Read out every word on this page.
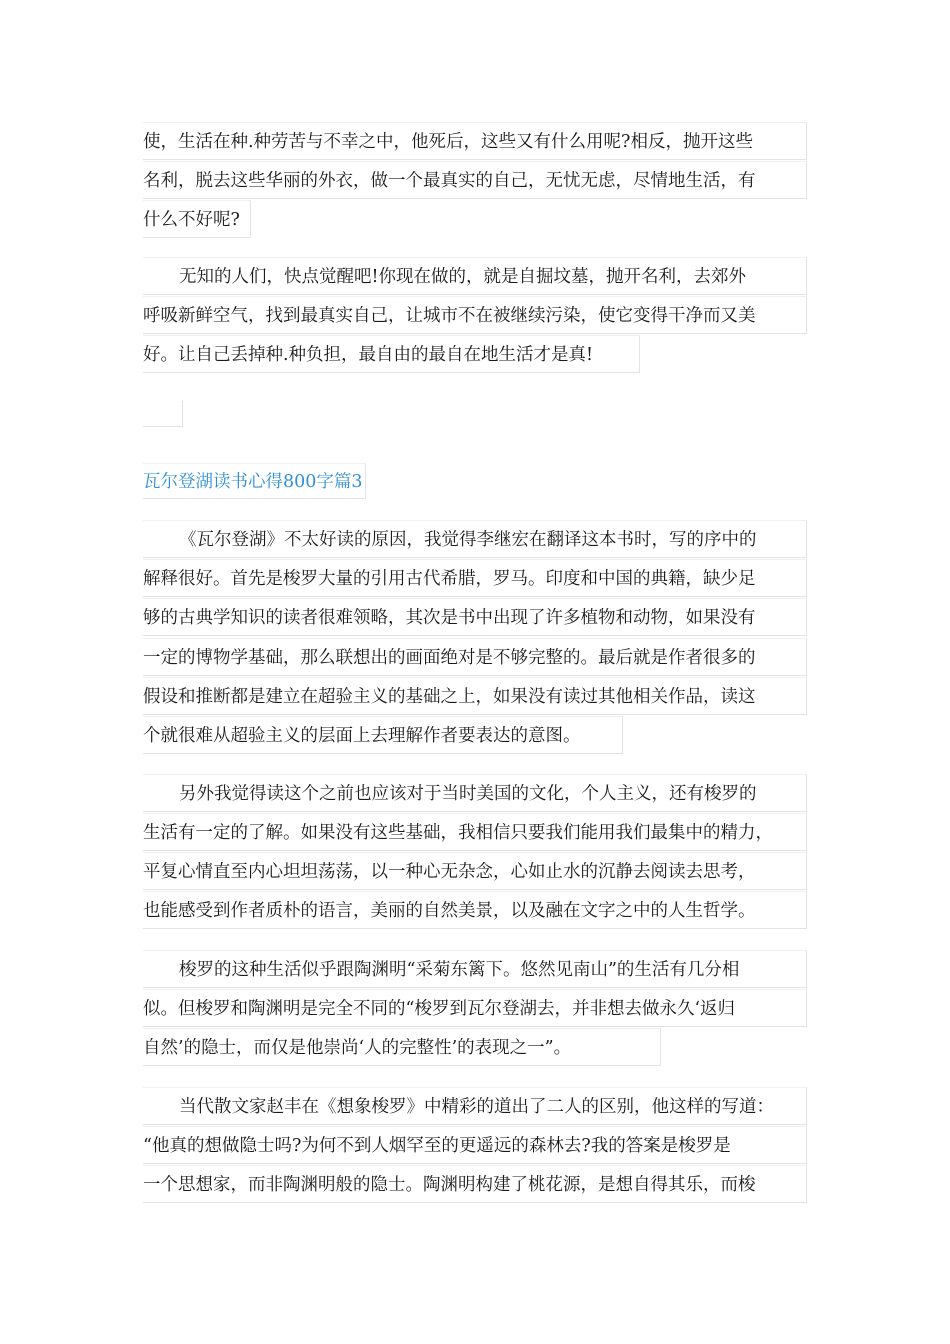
使，生活在种.种劳苦与不幸之中，他死后，这些又有什么用呢?相反，抛开这些
名利，脱去这些华丽的外衣，做一个最真实的自己，无忧无虑，尽情地生活，有
什么不好呢?
无知的人们，快点觉醒吧!你现在做的，就是自掘坟墓，抛开名利，去郊外
呼吸新鲜空气，找到最真实自己，让城市不在被继续污染，使它变得干净而又美
好。让自己丢掉种.种负担，最自由的最自在地生活才是真!
瓦尔登湖读书心得800字篇3
《瓦尔登湖》不太好读的原因，我觉得李继宏在翻译这本书时，写的序中的
解释很好。首先是梭罗大量的引用古代希腊，罗马。印度和中国的典籍，缺少足
够的古典学知识的读者很难领略，其次是书中出现了许多植物和动物，如果没有
一定的博物学基础，那么联想出的画面绝对是不够完整的。最后就是作者很多的
假设和推断都是建立在超验主义的基础之上，如果没有读过其他相关作品，读这
个就很难从超验主义的层面上去理解作者要表达的意图。
另外我觉得读这个之前也应该对于当时美国的文化，个人主义，还有梭罗的
生活有一定的了解。如果没有这些基础，我相信只要我们能用我们最集中的精力，
平复心情直至内心坦坦荡荡，以一种心无杂念，心如止水的沉静去阅读去思考，
也能感受到作者质朴的语言，美丽的自然美景，以及融在文字之中的人生哲学。
梭罗的这种生活似乎跟陶渊明“采菊东篱下。悠然见南山”的生活有几分相
似。但梭罗和陶渊明是完全不同的“梭罗到瓦尔登湖去，并非想去做永久‘返归
自然’的隐士，而仅是他崇尚‘人的完整性’的表现之一”。
当代散文家赵丰在《想象梭罗》中精彩的道出了二人的区别，他这样的写道：
“他真的想做隐士吗?为何不到人烟罕至的更遥远的森林去?我的答案是梭罗是
一个思想家，而非陶渊明般的隐士。陶渊明构建了桃花源，是想自得其乐，而梭
